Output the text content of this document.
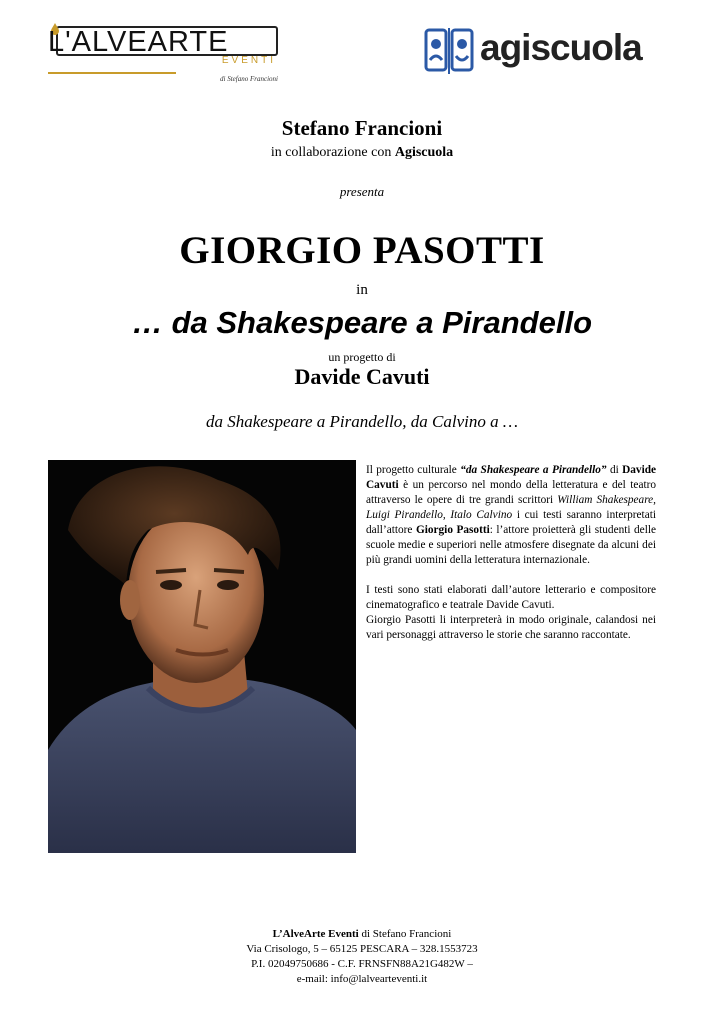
L'ALVEARTE
EVENTI
di Stefano Francioni
agiscuola
Stefano Francioni
in collaborazione con Agiscuola
presenta
GIORGIO PASOTTI
in
… da Shakespeare a Pirandello
un progetto di
Davide Cavuti
da Shakespeare a Pirandello, da Calvino a …

Il progetto culturale “da Shakespeare a Pirandello” di Davide Cavuti è un percorso nel mondo della letteratura e del teatro attraverso le opere di tre grandi scrittori William Shakespeare, Luigi Pirandello, Italo Calvino i cui testi saranno interpretati dall’attore Giorgio Pasotti: l’attore proietterà gli studenti delle scuole medie e superiori nelle atmosfere disegnate da alcuni dei più grandi uomini della letteratura internazionale.

I testi sono stati elaborati dall’autore letterario e compositore cinematografico e teatrale Davide Cavuti.

Giorgio Pasotti li interpreterà in modo originale, calandosi nei vari personaggi attraverso le storie che saranno raccontate.

L’AlveArte Eventi di Stefano Francioni
Via Crisologo, 5 – 65125 PESCARA – 328.1553723
P.I. 02049750686 - C.F. FRNSFN88A21G482W –
e-mail: info@lalvearteventi.it
